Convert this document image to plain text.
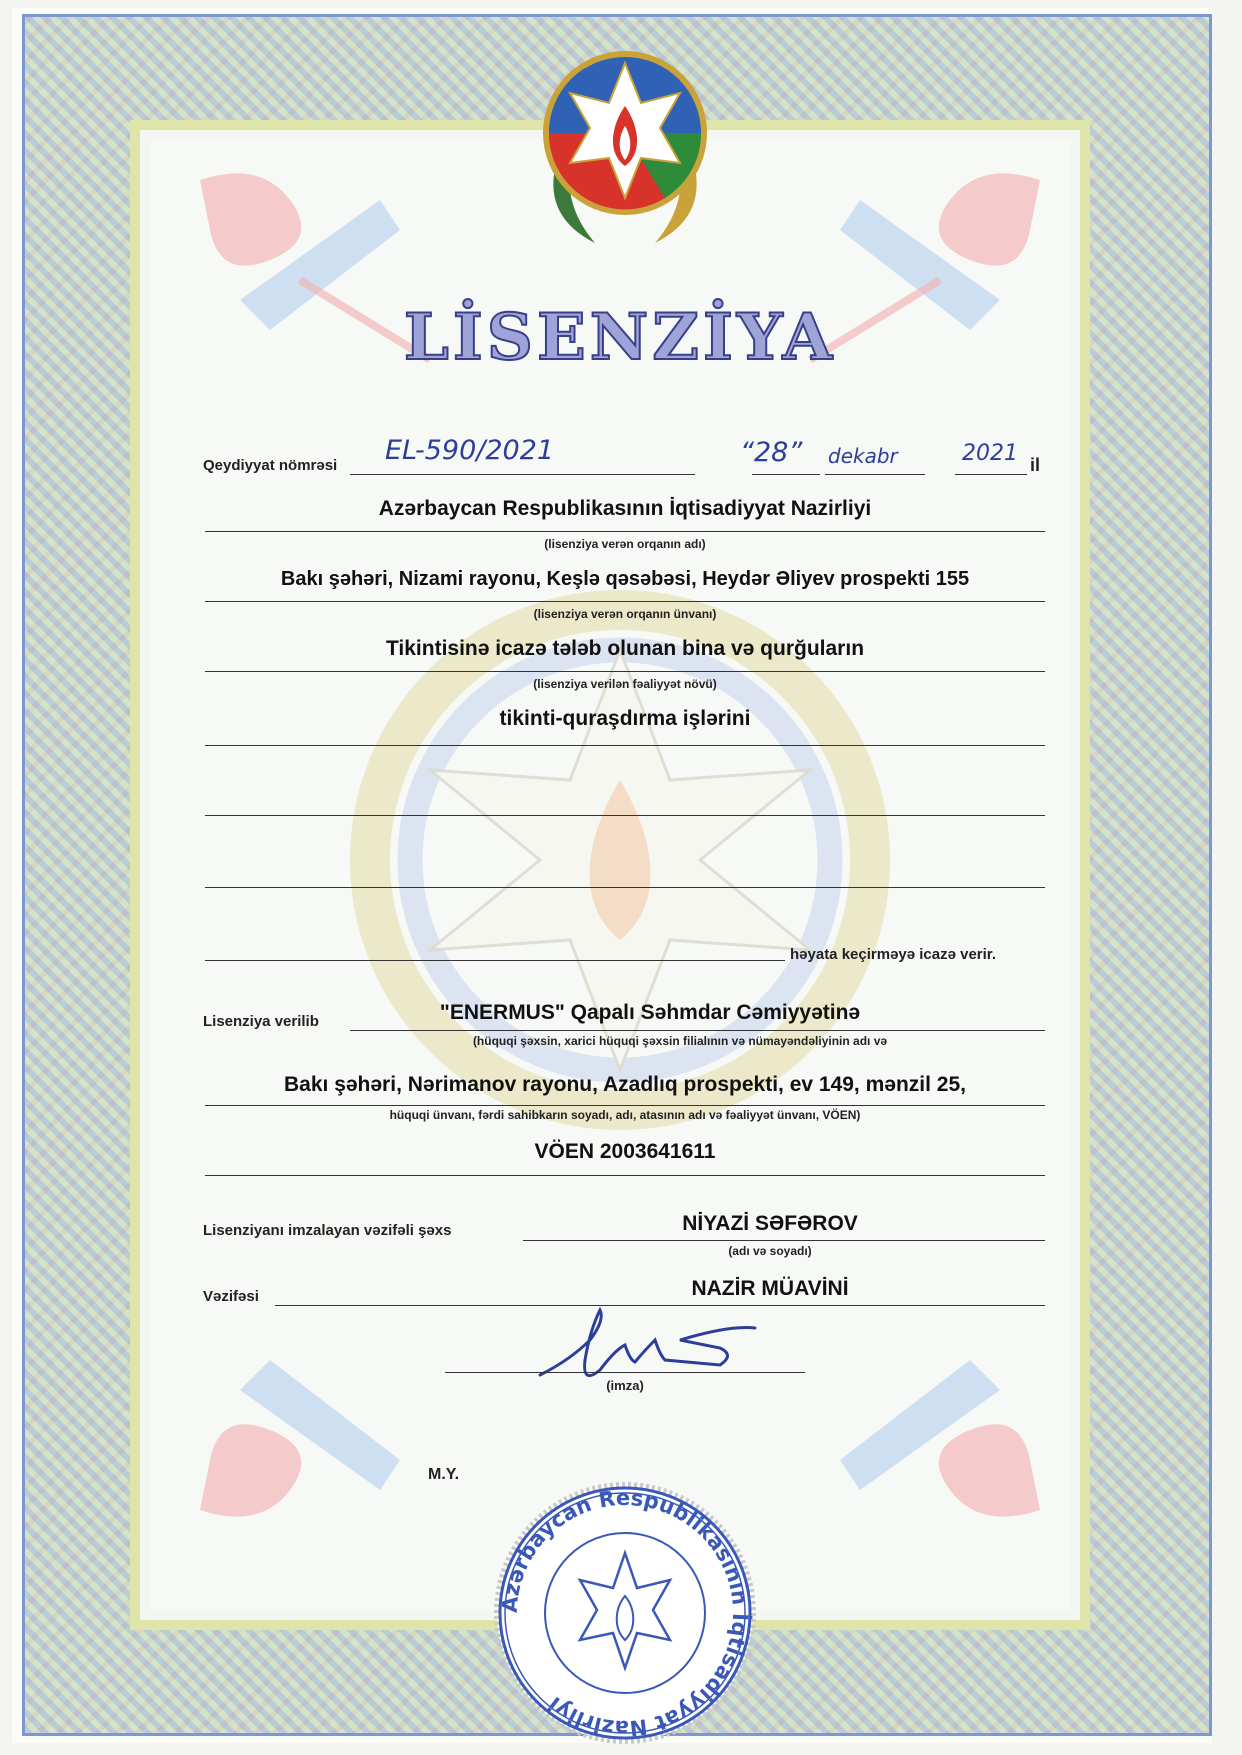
LİSENZİYA
Qeydiyyat nömrəsi EL-590/2021	“28” dekabr	2021 il
Azərbaycan Respublikasının İqtisadiyyat Nazirliyi
(lisenziya verən orqanın adı)
Bakı şəhəri, Nizami rayonu, Keşlə qəsəbəsi, Heydər Əliyev prospekti 155
(lisenziya verən orqanın ünvanı)
Tikintisinə icazə tələb olunan bina və qurğuların
(lisenziya verilən fəaliyyət növü)
tikinti-quraşdırma işlərini
həyata keçirməyə icazə verir.
Lisenziya verilib	"ENERMUS" Qapalı Səhmdar Cəmiyyətinə
(hüquqi şəxsin, xarici hüquqi şəxsin filialının və nümayəndəliyinin adı və
Bakı şəhəri, Nərimanov rayonu, Azadlıq prospekti, ev 149, mənzil 25,
hüquqi ünvanı, fərdi sahibkarın soyadı, adı, atasının adı və fəaliyyət ünvanı, VÖEN)
VÖEN 2003641611
Lisenziyanı imzalayan vəzifəli şəxs	NİYAZİ SƏFƏROV
(adı və soyadı)
Vəzifəsi	NAZİR MÜAVİNİ
(imza)
M.Y.
Azərbaycan Respublikasının İqtisadiyyat Nazirliyi
